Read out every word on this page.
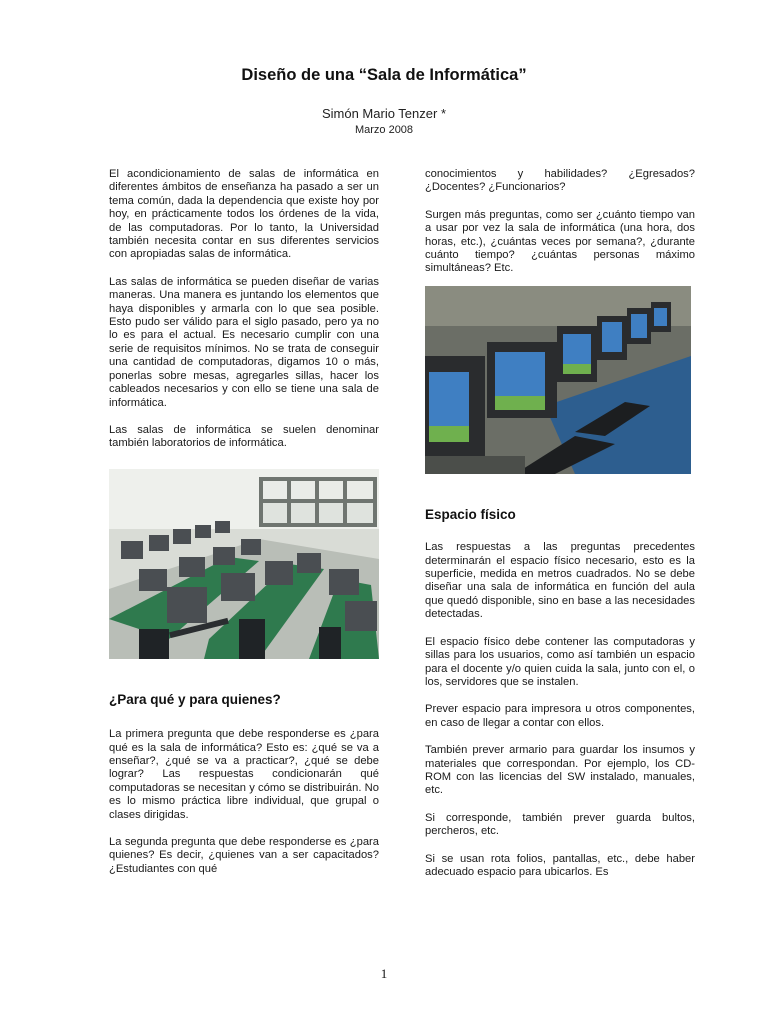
Diseño de una “Sala de Informática”
Simón Mario Tenzer *
Marzo 2008

El acondicionamiento de salas de informática en diferentes ámbitos de enseñanza ha pasado a ser un tema común, dada la dependencia que existe hoy por hoy, en prácticamente todos los órdenes de la vida, de las computadoras. Por lo tanto, la Universidad también necesita contar en sus diferentes servicios con apropiadas salas de informática.

Las salas de informática se pueden diseñar de varias maneras. Una manera es juntando los elementos que haya disponibles y armarla con lo que sea posible. Esto pudo ser válido para el siglo pasado, pero ya no lo es para el actual. Es necesario cumplir con una serie de requisitos mínimos. No se trata de conseguir una cantidad de computadoras, digamos 10 o más, ponerlas sobre mesas, agregarles sillas, hacer los cableados necesarios y con ello se tiene una sala de informática.

Las salas de informática se suelen denominar también laboratorios de informática.

¿Para qué y para quienes?

La primera pregunta que debe responderse es ¿para qué es la sala de informática? Esto es: ¿qué se va a enseñar?, ¿qué se va a practicar?, ¿qué se debe lograr? Las respuestas condicionarán qué computadoras se necesitan y cómo se distribuirán. No es lo mismo práctica libre individual, que grupal o clases dirigidas.

La segunda pregunta que debe responderse es ¿para quienes? Es decir, ¿quienes van a ser capacitados? ¿Estudiantes con qué

conocimientos y habilidades? ¿Egresados? ¿Docentes? ¿Funcionarios?

Surgen más preguntas, como ser ¿cuánto tiempo van a usar por vez la sala de informática (una hora, dos horas, etc.), ¿cuántas veces por semana?, ¿durante cuánto tiempo? ¿cuántas personas máximo simultáneas? Etc.

Espacio físico

Las respuestas a las preguntas precedentes determinarán el espacio físico necesario, esto es la superficie, medida en metros cuadrados. No se debe diseñar una sala de informática en función del aula que quedó disponible, sino en base a las necesidades detectadas.

El espacio físico debe contener las computadoras y sillas para los usuarios, como así también un espacio para el docente y/o quien cuida la sala, junto con el, o los, servidores que se instalen.

Prever espacio para impresora u otros componentes, en caso de llegar a contar con ellos.

También prever armario para guardar los insumos y materiales que correspondan. Por ejemplo, los CD-ROM con las licencias del SW instalado, manuales, etc.

Si corresponde, también prever guarda bultos, percheros, etc.

Si se usan rota folios, pantallas, etc., debe haber adecuado espacio para ubicarlos. Es

1
